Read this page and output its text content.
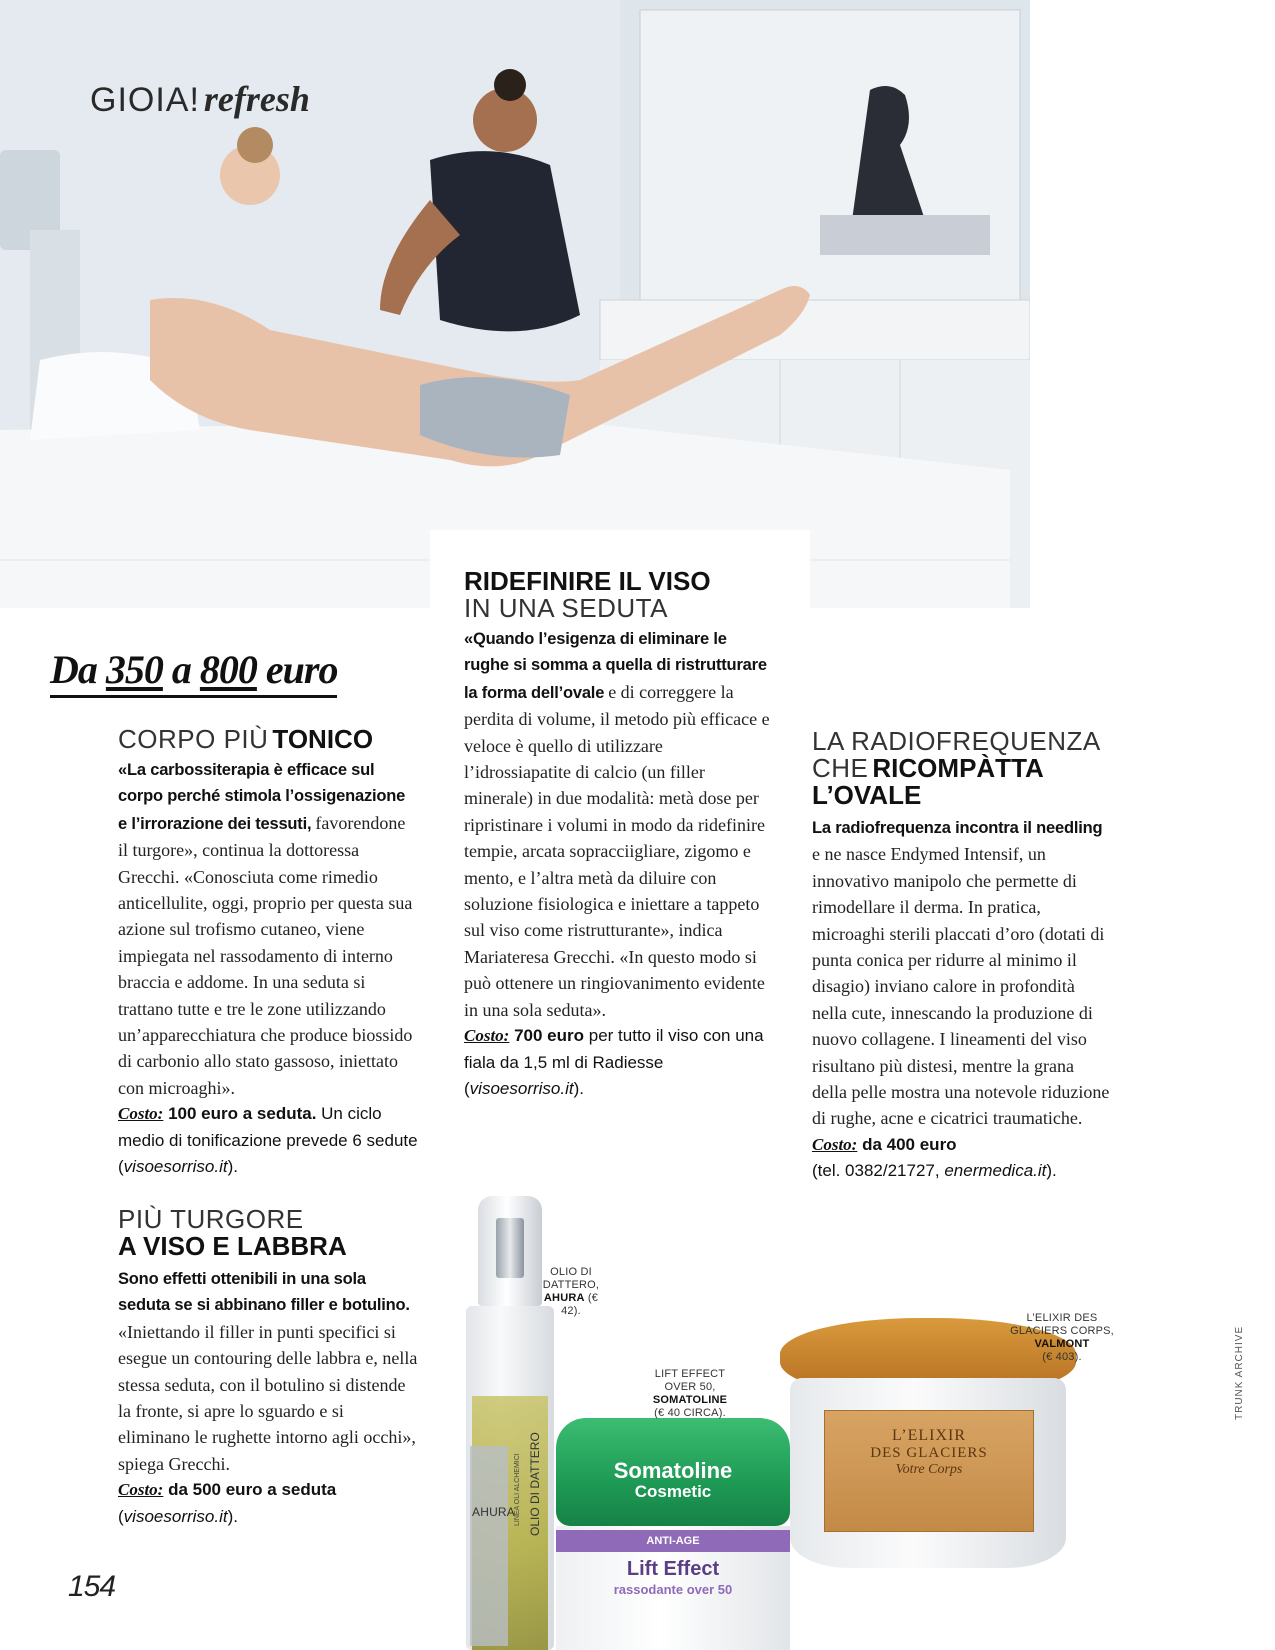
GIOIA! refresh
Da 350 a 800 euro
CORPO PIÙ TONICO
«La carbossiterapia è efficace sul corpo perché stimola l’ossigenazione e l’irrorazione dei tessuti, favorendone il turgore», continua la dottoressa Grecchi. «Conosciuta come rimedio anticellulite, oggi, proprio per questa sua azione sul trofismo cutaneo, viene impiegata nel rassodamento di interno braccia e addome. In una seduta si trattano tutte e tre le zone utilizzando un’apparecchiatura che produce biossido di carbonio allo stato gassoso, iniettato con microaghi».
Costo: 100 euro a seduta. Un ciclo medio di tonificazione prevede 6 sedute (visoesorriso.it).
PIÙ TURGORE
A VISO E LABBRA
Sono effetti ottenibili in una sola seduta se si abbinano filler e botulino. «Iniettando il filler in punti specifici si esegue un contouring delle labbra e, nella stessa seduta, con il botulino si distende la fronte, si apre lo sguardo e si eliminano le rughette intorno agli occhi», spiega Grecchi.
Costo: da 500 euro a seduta
(visoesorriso.it).
RIDEFINIRE IL VISO
IN UNA SEDUTA
«Quando l’esigenza di eliminare le rughe si somma a quella di ristrutturare la forma dell’ovale e di correggere la perdita di volume, il metodo più efficace e veloce è quello di utilizzare l’idrossiapatite di calcio (un filler minerale) in due modalità: metà dose per ripristinare i volumi in modo da ridefinire tempie, arcata sopracciigliare, zigomo e mento, e l’altra metà da diluire con soluzione fisiologica e iniettare a tappeto sul viso come ristrutturante», indica Mariateresa Grecchi. «In questo modo si può ottenere un ringiovanimento evidente in una sola seduta».
Costo: 700 euro per tutto il viso con una fiala da 1,5 ml di Radiesse (visoesorriso.it).
LA RADIOFREQUENZA
CHE RICOMPÀTTA
L’OVALE
La radiofrequenza incontra il needling e ne nasce Endymed Intensif, un innovativo manipolo che permette di rimodellare il derma. In pratica, microaghi sterili placcati d’oro (dotati di punta conica per ridurre al minimo il disagio) inviano calore in profondità nella cute, innescando la produzione di nuovo collagene. I lineamenti del viso risultano più distesi, mentre la grana della pelle mostra una notevole riduzione di rughe, acne e cicatrici traumatiche.
Costo: da 400 euro
(tel. 0382/21727, enermedica.it).
AHURA OLIO DI DATTERO
LINEA OLI ALCHEMICI
L’ELIXIR
DES GLACIERS
Votre Corps
Somatoline
Cosmetic
ANTI-AGE
Lift Effect
rassodante over 50
OLIO DI
DATTERO,
AHURA (€ 42).
LIFT EFFECT
OVER 50,
SOMATOLINE
(€ 40 CIRCA).
L’ELIXIR DES
GLACIERS CORPS,
VALMONT
(€ 403).
154
TRUNK ARCHIVE
